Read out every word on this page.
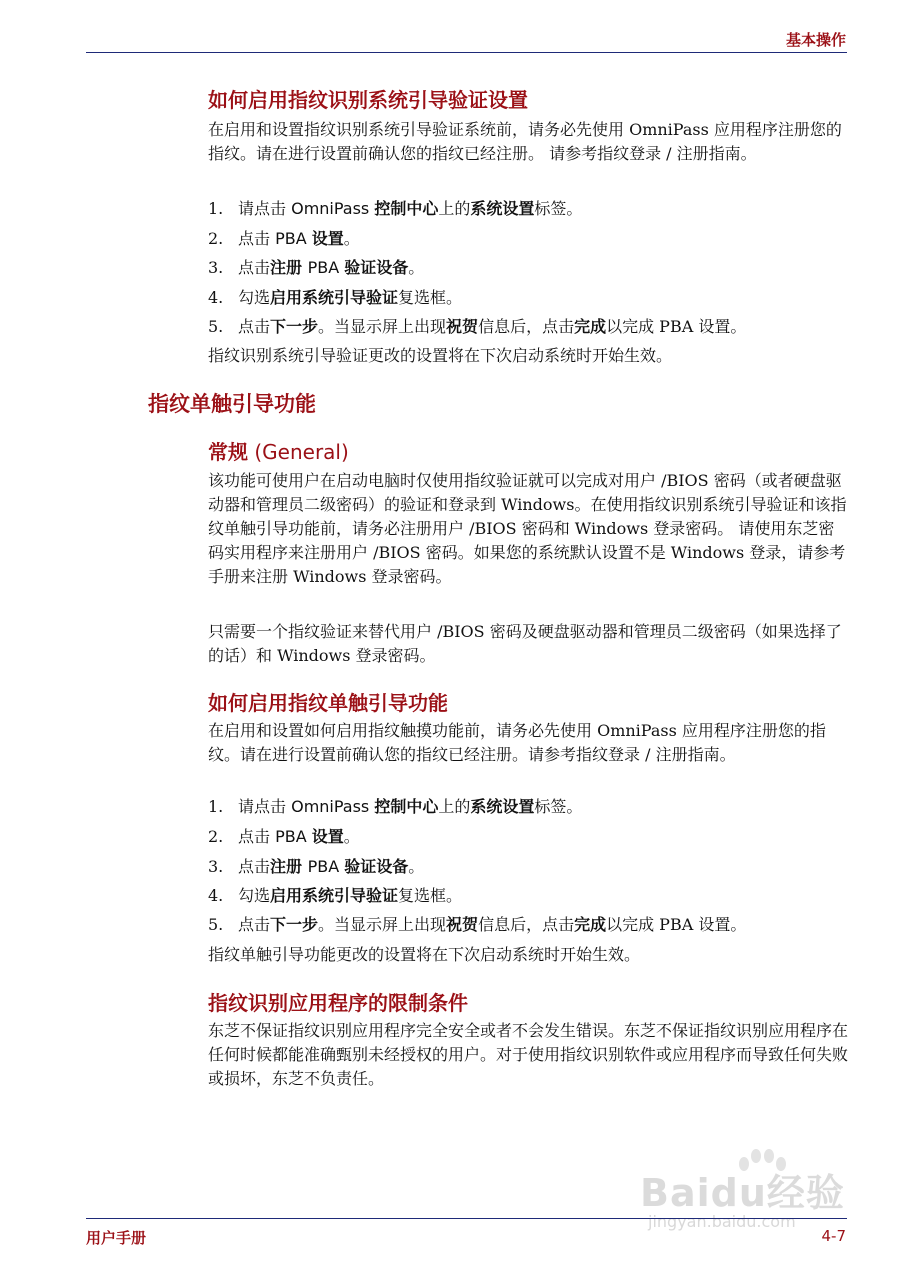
基本操作
如何启用指纹识别系统引导验证设置
在启用和设置指纹识别系统引导验证系统前，请务必先使用 OmniPass 应用程序注册您的指纹。请在进行设置前确认您的指纹已经注册。 请参考指纹登录 / 注册指南。
1. 请点击 OmniPass 控制中心上的系统设置标签。
2. 点击 PBA 设置。
3. 点击注册 PBA 验证设备。
4. 勾选启用系统引导验证复选框。
5. 点击下一步。当显示屏上出现祝贺信息后，点击完成以完成 PBA 设置。
指纹识别系统引导验证更改的设置将在下次启动系统时开始生效。
指纹单触引导功能
常规 (General)
该功能可使用户在启动电脑时仅使用指纹验证就可以完成对用户 /BIOS 密码（或者硬盘驱动器和管理员二级密码）的验证和登录到 Windows。在使用指纹识别系统引导验证和该指纹单触引导功能前，请务必注册用户 /BIOS 密码和 Windows 登录密码。 请使用东芝密码实用程序来注册用户 /BIOS 密码。如果您的系统默认设置不是 Windows 登录，请参考手册来注册 Windows 登录密码。
只需要一个指纹验证来替代用户 /BIOS 密码及硬盘驱动器和管理员二级密码（如果选择了的话）和 Windows 登录密码。
如何启用指纹单触引导功能
在启用和设置如何启用指纹触摸功能前，请务必先使用 OmniPass 应用程序注册您的指纹。请在进行设置前确认您的指纹已经注册。请参考指纹登录 / 注册指南。
1. 请点击 OmniPass 控制中心上的系统设置标签。
2. 点击 PBA 设置。
3. 点击注册 PBA 验证设备。
4. 勾选启用系统引导验证复选框。
5. 点击下一步。当显示屏上出现祝贺信息后，点击完成以完成 PBA 设置。
指纹单触引导功能更改的设置将在下次启动系统时开始生效。
指纹识别应用程序的限制条件
东芝不保证指纹识别应用程序完全安全或者不会发生错误。东芝不保证指纹识别应用程序在任何时候都能准确甄别未经授权的用户。对于使用指纹识别软件或应用程序而导致任何失败或损坏，东芝不负责任。
Baidu经验
jingyan.baidu.com
用户手册	4-7
